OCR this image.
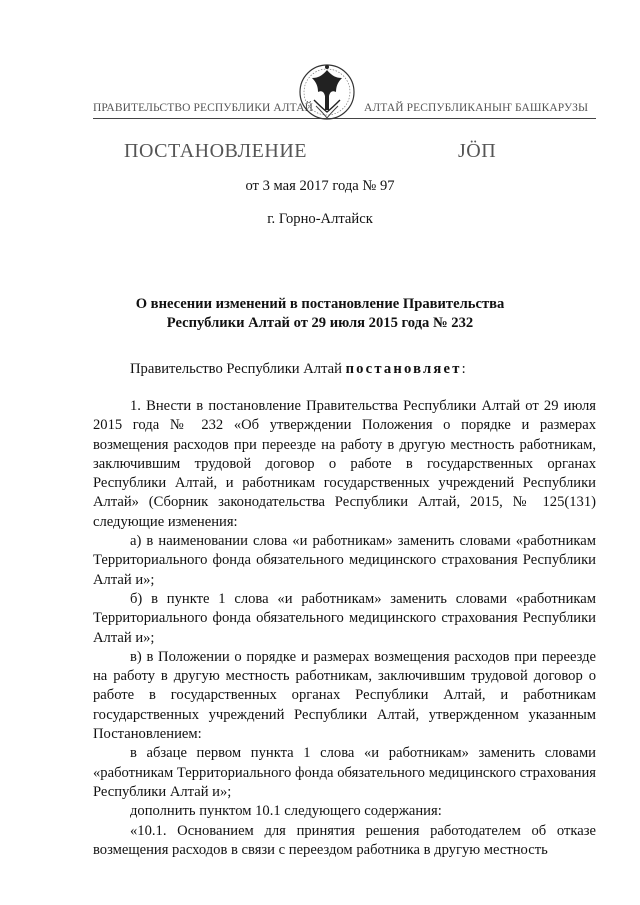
ПРАВИТЕЛЬСТВО РЕСПУБЛИКИ АЛТАЙ	АЛТАЙ РЕСПУБЛИКАНЫҤ БАШКАРУЗЫ
ПОСТАНОВЛЕНИЕ	JÖП
от 3 мая 2017 года № 97
г. Горно-Алтайск
О внесении изменений в постановление Правительства
Республики Алтай от 29 июля 2015 года № 232
Правительство Республики Алтай постановляет:

1. Внести в постановление Правительства Республики Алтай от 29 июля 2015 года № 232 «Об утверждении Положения о порядке и размерах возмещения расходов при переезде на работу в другую местность работникам, заключившим трудовой договор о работе в государственных органах Республики Алтай, и работникам государственных учреждений Республики Алтай» (Сборник законодательства Республики Алтай, 2015, № 125(131) следующие изменения:

а) в наименовании слова «и работникам» заменить словами «работникам Территориального фонда обязательного медицинского страхования Республики Алтай и»;

б) в пункте 1 слова «и работникам» заменить словами «работникам Территориального фонда обязательного медицинского страхования Республики Алтай и»;

в) в Положении о порядке и размерах возмещения расходов при переезде на работу в другую местность работникам, заключившим трудовой договор о работе в государственных органах Республики Алтай, и работникам государственных учреждений Республики Алтай, утвержденном указанным Постановлением:

в абзаце первом пункта 1 слова «и работникам» заменить словами «работникам Территориального фонда обязательного медицинского страхования Республики Алтай и»;

дополнить пунктом 10.1 следующего содержания:

«10.1. Основанием для принятия решения работодателем об отказе возмещения расходов в связи с переездом работника в другую местность
